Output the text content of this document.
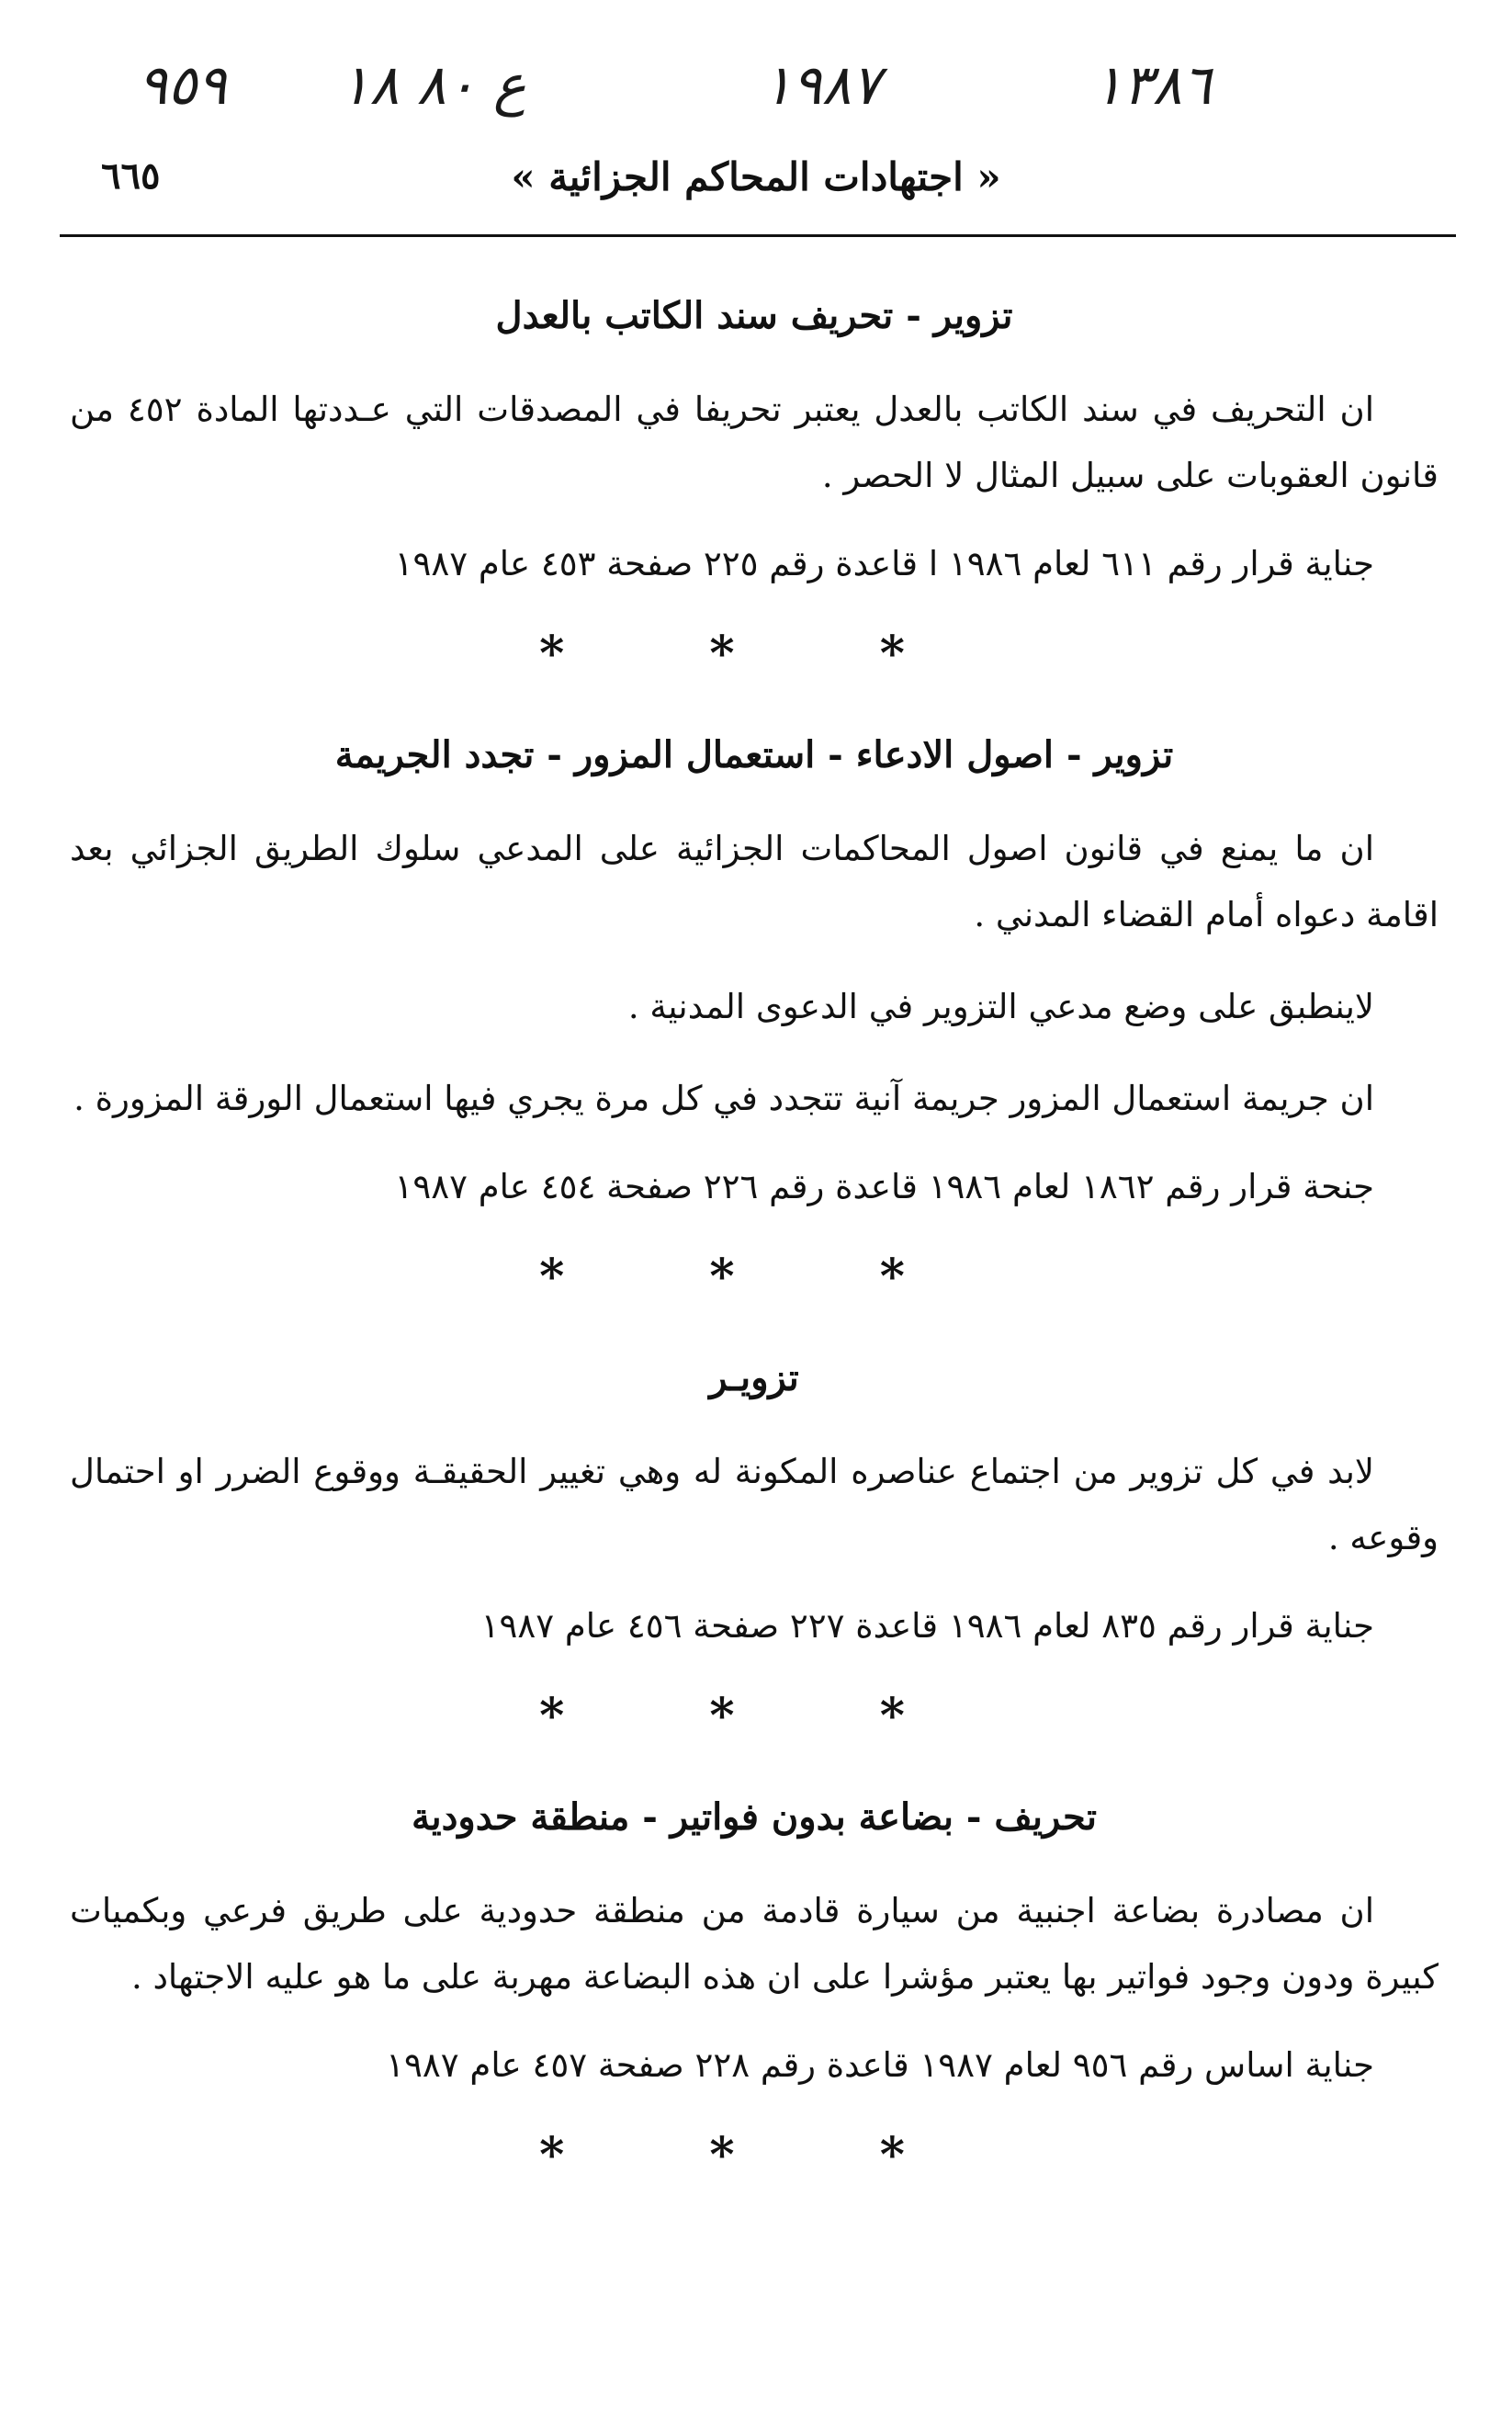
١٣٨٦
١٩٨٧
ع ٨٠ ١٨
٩٥٩
« اجتهادات المحاكم الجزائية »
٦٦٥
تزوير - تحريف سند الكاتب بالعدل

ان التحريف في سند الكاتب بالعدل يعتبر تحريفا في المصدقات التي عـددتها المادة ٤٥٢ من قانون العقوبات على سبيل المثال لا الحصر .

جناية قرار رقم ٦١١ لعام ١٩٨٦ ا قاعدة رقم ٢٢٥ صفحة ٤٥٣ عام ١٩٨٧

* * *
تزوير - اصول الادعاء - استعمال المزور - تجدد الجريمة

ان ما يمنع في قانون اصول المحاكمات الجزائية على المدعي سلوك الطريق الجزائي بعد اقامة دعواه أمام القضاء المدني .

لاينطبق على وضع مدعي التزوير في الدعوى المدنية .

ان جريمة استعمال المزور جريمة آنية تتجدد في كل مرة يجري فيها استعمال الورقة المزورة .

جنحة قرار رقم ١٨٦٢ لعام ١٩٨٦ قاعدة رقم ٢٢٦ صفحة ٤٥٤ عام ١٩٨٧

* * *
تزويـر

لابد في كل تزوير من اجتماع عناصره المكونة له وهي تغيير الحقيقـة ووقوع الضرر او احتمال وقوعه .

جناية قرار رقم ٨٣٥ لعام ١٩٨٦ قاعدة ٢٢٧ صفحة ٤٥٦ عام ١٩٨٧

* * *
تحريف - بضاعة بدون فواتير - منطقة حدودية

ان مصادرة بضاعة اجنبية من سيارة قادمة من منطقة حدودية على طريق فرعي وبكميات كبيرة ودون وجود فواتير بها يعتبر مؤشرا على ان هذه البضاعة مهربة على ما هو عليه الاجتهاد .

جناية اساس رقم ٩٥٦ لعام ١٩٨٧ قاعدة رقم ٢٢٨ صفحة ٤٥٧ عام ١٩٨٧

* * *
